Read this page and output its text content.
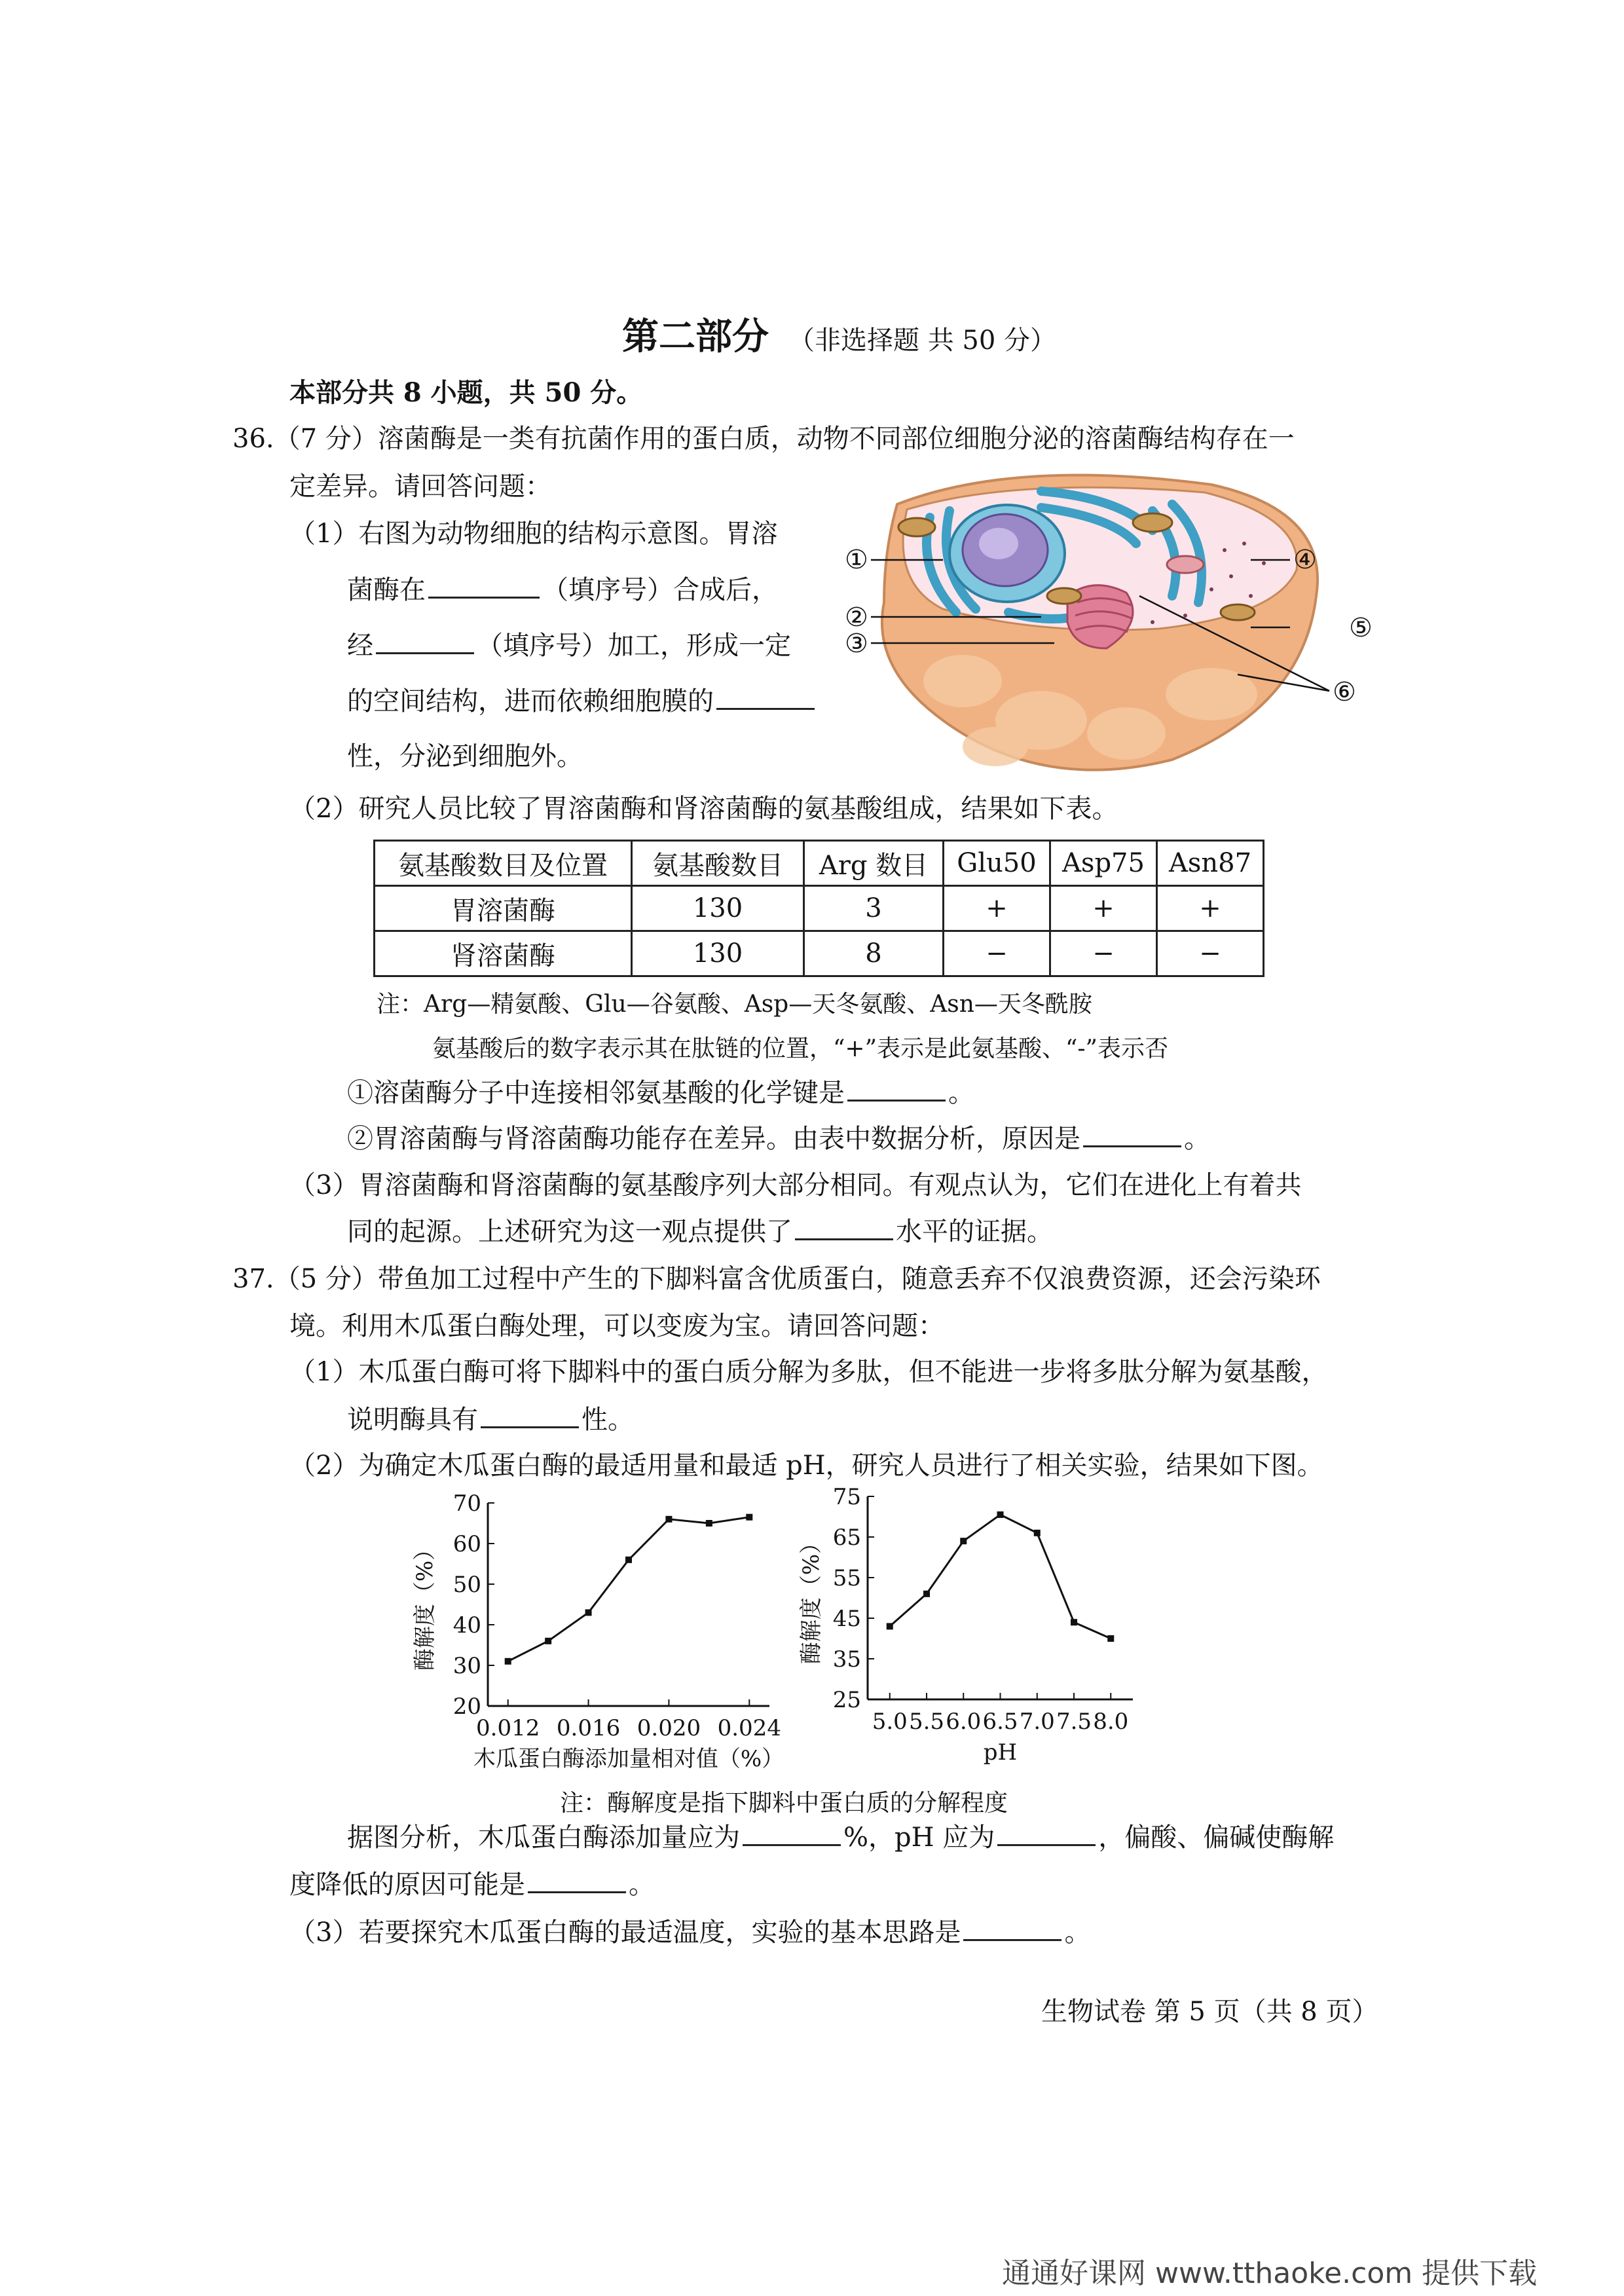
第二部分 （非选择题 共 50 分）
本部分共 8 小题，共 50 分。
36.（7 分）溶菌酶是一类有抗菌作用的蛋白质，动物不同部位细胞分泌的溶菌酶结构存在一
定差异。请回答问题：
（1）右图为动物细胞的结构示意图。胃溶
菌酶在	（填序号）合成后，
经	（填序号）加工，形成一定
的空间结构，进而依赖细胞膜的
性，分泌到细胞外。
①
②
③
④
⑤
⑥
（2）研究人员比较了胃溶菌酶和肾溶菌酶的氨基酸组成，结果如下表。
氨基酸数目及位置	氨基酸数目	Arg 数目	Glu50	Asp75	Asn87
胃溶菌酶	130	3	+	+	+
肾溶菌酶	130	8	−	−	−
注：Arg—精氨酸、Glu—谷氨酸、Asp—天冬氨酸、Asn—天冬酰胺
氨基酸后的数字表示其在肽链的位置，“+”表示是此氨基酸、“-”表示否
①溶菌酶分子中连接相邻氨基酸的化学键是	。
②胃溶菌酶与肾溶菌酶功能存在差异。由表中数据分析，原因是	。
（3）胃溶菌酶和肾溶菌酶的氨基酸序列大部分相同。有观点认为，它们在进化上有着共
同的起源。上述研究为这一观点提供了	水平的证据。
37.（5 分）带鱼加工过程中产生的下脚料富含优质蛋白，随意丢弃不仅浪费资源，还会污染环
境。利用木瓜蛋白酶处理，可以变废为宝。请回答问题：
（1）木瓜蛋白酶可将下脚料中的蛋白质分解为多肽，但不能进一步将多肽分解为氨基酸，
说明酶具有	性。
（2）为确定木瓜蛋白酶的最适用量和最适 pH，研究人员进行了相关实验，结果如下图。
20
30
40
50
60
70
0.012 0.016 0.020 0.024
酶解度（%）
木瓜蛋白酶添加量相对值（%）
25
35
45
55
65
75
5.0 5.5 6.0 6.5 7.0 7.5 8.0
酶解度（%）
pH
注：酶解度是指下脚料中蛋白质的分解程度
据图分析，木瓜蛋白酶添加量应为	%，pH 应为	，偏酸、偏碱使酶解
度降低的原因可能是	。
（3）若要探究木瓜蛋白酶的最适温度，实验的基本思路是	。
生物试卷 第 5 页（共 8 页）
通通好课网 www.tthaoke.com 提供下载
